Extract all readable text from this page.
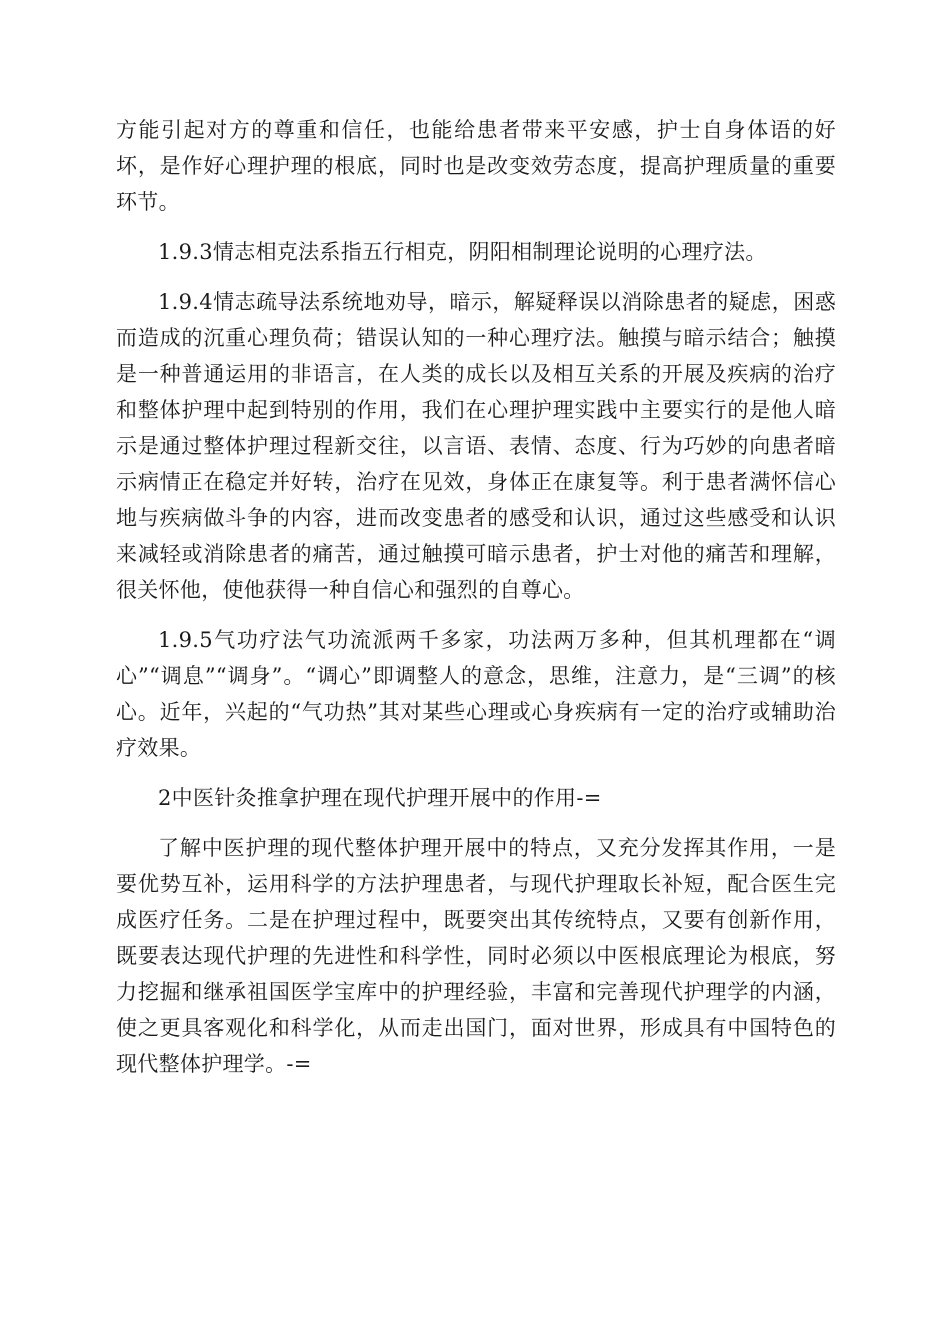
方能引起对方的尊重和信任，也能给患者带来平安感，护士自身体语的好坏，是作好心理护理的根底，同时也是改变效劳态度，提高护理质量的重要环节。

1.9.3情志相克法系指五行相克，阴阳相制理论说明的心理疗法。

1.9.4情志疏导法系统地劝导，暗示，解疑释误以消除患者的疑虑，困惑而造成的沉重心理负荷；错误认知的一种心理疗法。触摸与暗示结合；触摸是一种普通运用的非语言，在人类的成长以及相互关系的开展及疾病的治疗和整体护理中起到特别的作用，我们在心理护理实践中主要实行的是他人暗示是通过整体护理过程新交往，以言语、表情、态度、行为巧妙的向患者暗示病情正在稳定并好转，治疗在见效，身体正在康复等。利于患者满怀信心地与疾病做斗争的内容，进而改变患者的感受和认识，通过这些感受和认识来减轻或消除患者的痛苦，通过触摸可暗示患者，护士对他的痛苦和理解，很关怀他，使他获得一种自信心和强烈的自尊心。

1.9.5气功疗法气功流派两千多家，功法两万多种，但其机理都在“调心”“调息”“调身”。“调心”即调整人的意念，思维，注意力，是“三调”的核心。近年，兴起的“气功热”其对某些心理或心身疾病有一定的治疗或辅助治疗效果。

2中医针灸推拿护理在现代护理开展中的作用-=

了解中医护理的现代整体护理开展中的特点，又充分发挥其作用，一是要优势互补，运用科学的方法护理患者，与现代护理取长补短，配合医生完成医疗任务。二是在护理过程中，既要突出其传统特点，又要有创新作用，既要表达现代护理的先进性和科学性，同时必须以中医根底理论为根底，努力挖掘和继承祖国医学宝库中的护理经验，丰富和完善现代护理学的内涵，使之更具客观化和科学化，从而走出国门，面对世界，形成具有中国特色的现代整体护理学。-=
